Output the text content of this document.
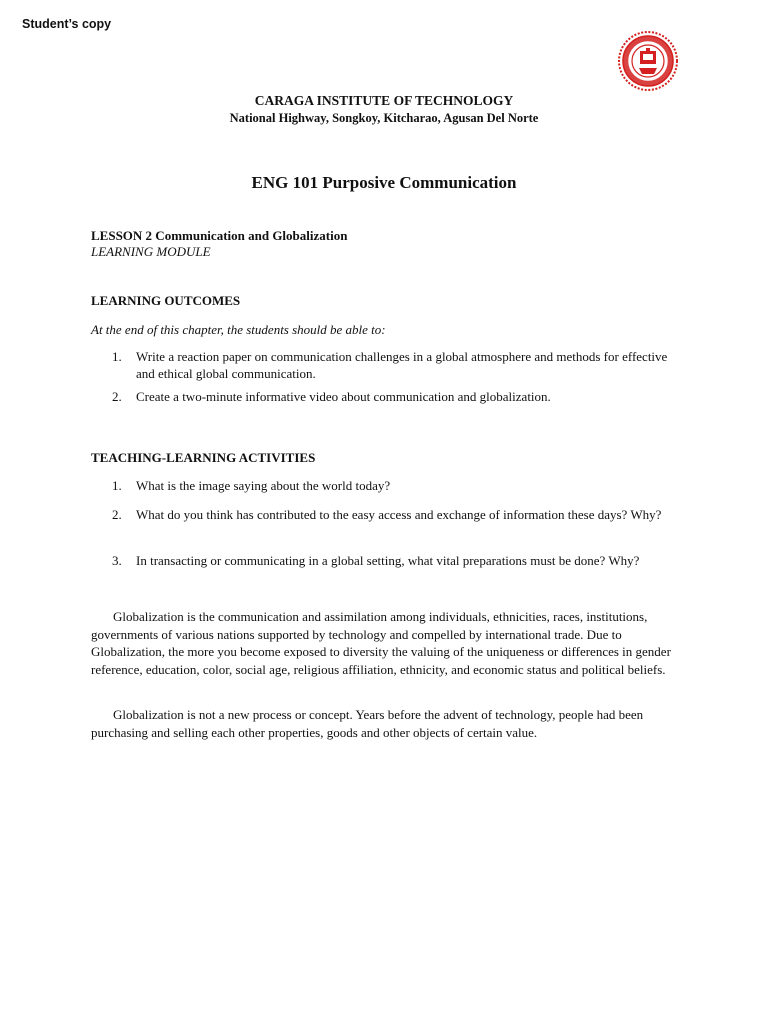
Student’s copy
CARAGA INSTITUTE OF TECHNOLOGY
National Highway, Songkoy, Kitcharao, Agusan Del Norte
ENG 101 Purposive Communication
LESSON 2 Communication and Globalization
LEARNING MODULE
LEARNING OUTCOMES
At the end of this chapter, the students should be able to:
1. Write a reaction paper on communication challenges in a global atmosphere and methods for effective and ethical global communication.
2. Create a two-minute informative video about communication and globalization.
TEACHING-LEARNING ACTIVITIES
1. What is the image saying about the world today?
2. What do you think has contributed to the easy access and exchange of information these days? Why?
3. In transacting or communicating in a global setting, what vital preparations must be done? Why?

Globalization is the communication and assimilation among individuals, ethnicities, races, institutions, governments of various nations supported by technology and compelled by international trade. Due to Globalization, the more you become exposed to diversity the valuing of the uniqueness or differences in gender reference, education, color, social age, religious affiliation, ethnicity, and economic status and political beliefs.

Globalization is not a new process or concept. Years before the advent of technology, people had been purchasing and selling each other properties, goods and other objects of certain value.
